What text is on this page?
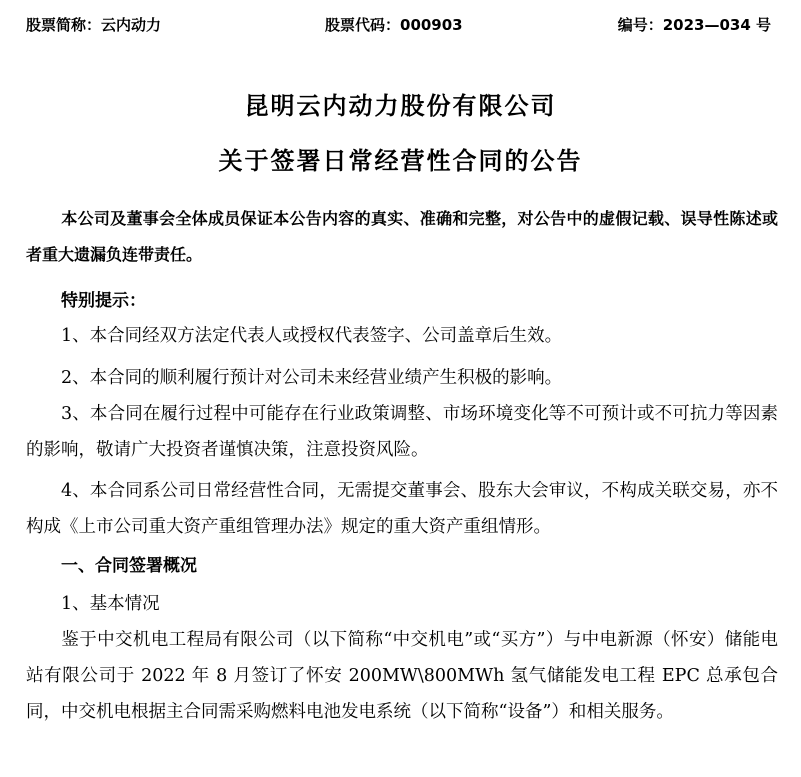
股票简称：云内动力	股票代码：000903	编号：2023—034 号
昆明云内动力股份有限公司
关于签署日常经营性合同的公告
本公司及董事会全体成员保证本公告内容的真实、准确和完整，对公告中的虚假记载、误导性陈述或者重大遗漏负连带责任。
特别提示：
1、本合同经双方法定代表人或授权代表签字、公司盖章后生效。
2、本合同的顺利履行预计对公司未来经营业绩产生积极的影响。
3、本合同在履行过程中可能存在行业政策调整、市场环境变化等不可预计或不可抗力等因素的影响，敬请广大投资者谨慎决策，注意投资风险。
4、本合同系公司日常经营性合同，无需提交董事会、股东大会审议，不构成关联交易，亦不构成《上市公司重大资产重组管理办法》规定的重大资产重组情形。
一、合同签署概况
1、基本情况
鉴于中交机电工程局有限公司（以下简称“中交机电”或“买方”）与中电新源（怀安）储能电站有限公司于 2022 年 8 月签订了怀安 200MW\800MWh 氢气储能发电工程 EPC 总承包合同，中交机电根据主合同需采购燃料电池发电系统（以下简称“设备”）和相关服务。
